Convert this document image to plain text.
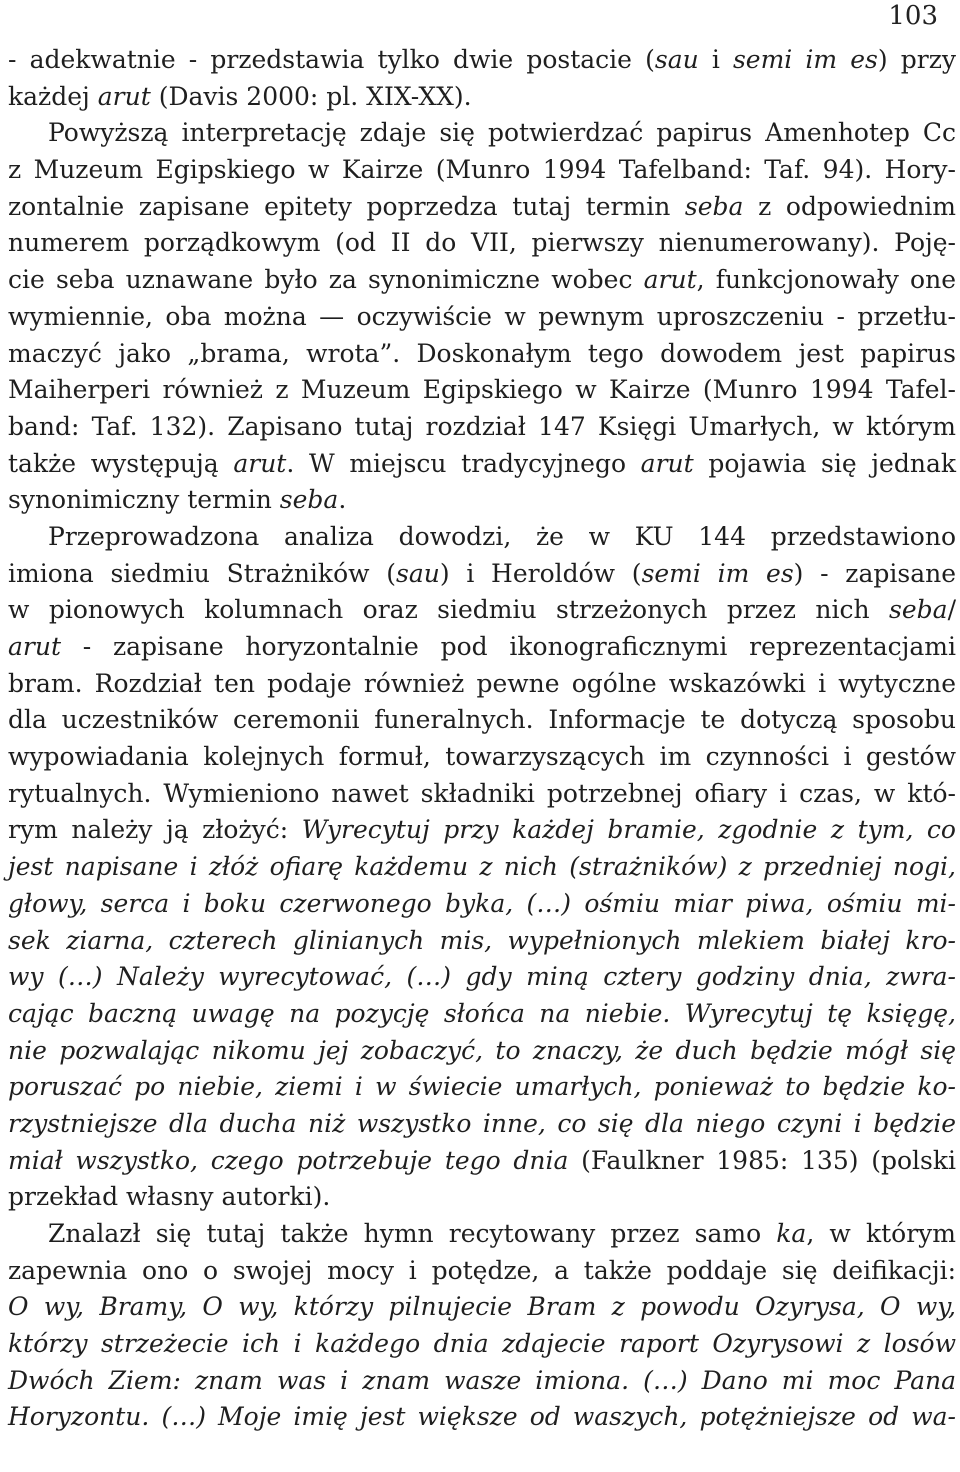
103
- adekwatnie - przedstawia tylko dwie postacie (sau i semi im es) przy
każdej arut (Davis 2000: pl. XIX-XX).
Powyższą interpretację zdaje się potwierdzać papirus Amenhotep Cc
z Muzeum Egipskiego w Kairze (Munro 1994 Tafelband: Taf. 94). Hory-
zontalnie zapisane epitety poprzedza tutaj termin seba z odpowiednim
numerem porządkowym (od II do VII, pierwszy nienumerowany). Poję-
cie seba uznawane było za synonimiczne wobec arut, funkcjonowały one
wymiennie, oba można — oczywiście w pewnym uproszczeniu - przetłu-
maczyć jako „brama, wrota”. Doskonałym tego dowodem jest papirus
Maiherperi również z Muzeum Egipskiego w Kairze (Munro 1994 Tafel-
band: Taf. 132). Zapisano tutaj rozdział 147 Księgi Umarłych, w którym
także występują arut. W miejscu tradycyjnego arut pojawia się jednak
synonimiczny termin seba.
Przeprowadzona analiza dowodzi, że w KU 144 przedstawiono
imiona siedmiu Strażników (sau) i Heroldów (semi im es) - zapisane
w pionowych kolumnach oraz siedmiu strzeżonych przez nich seba/
arut - zapisane horyzontalnie pod ikonograficznymi reprezentacjami
bram. Rozdział ten podaje również pewne ogólne wskazówki i wytyczne
dla uczestników ceremonii funeralnych. Informacje te dotyczą sposobu
wypowiadania kolejnych formuł, towarzyszących im czynności i gestów
rytualnych. Wymieniono nawet składniki potrzebnej ofiary i czas, w któ-
rym należy ją złożyć: Wyrecytuj przy każdej bramie, zgodnie z tym, co
jest napisane i złóż ofiarę każdemu z nich (strażników) z przedniej nogi,
głowy, serca i boku czerwonego byka, (…) ośmiu miar piwa, ośmiu mi-
sek ziarna, czterech glinianych mis, wypełnionych mlekiem białej kro-
wy (…) Należy wyrecytować, (…) gdy miną cztery godziny dnia, zwra-
cając baczną uwagę na pozycję słońca na niebie. Wyrecytuj tę księgę,
nie pozwalając nikomu jej zobaczyć, to znaczy, że duch będzie mógł się
poruszać po niebie, ziemi i w świecie umarłych, ponieważ to będzie ko-
rzystniejsze dla ducha niż wszystko inne, co się dla niego czyni i będzie
miał wszystko, czego potrzebuje tego dnia (Faulkner 1985: 135) (polski
przekład własny autorki).
Znalazł się tutaj także hymn recytowany przez samo ka, w którym
zapewnia ono o swojej mocy i potędze, a także poddaje się deifikacji:
O wy, Bramy, O wy, którzy pilnujecie Bram z powodu Ozyrysa, O wy,
którzy strzeżecie ich i każdego dnia zdajecie raport Ozyrysowi z losów
Dwóch Ziem: znam was i znam wasze imiona. (…) Dano mi moc Pana
Horyzontu. (…) Moje imię jest większe od waszych, potężniejsze od wa-
